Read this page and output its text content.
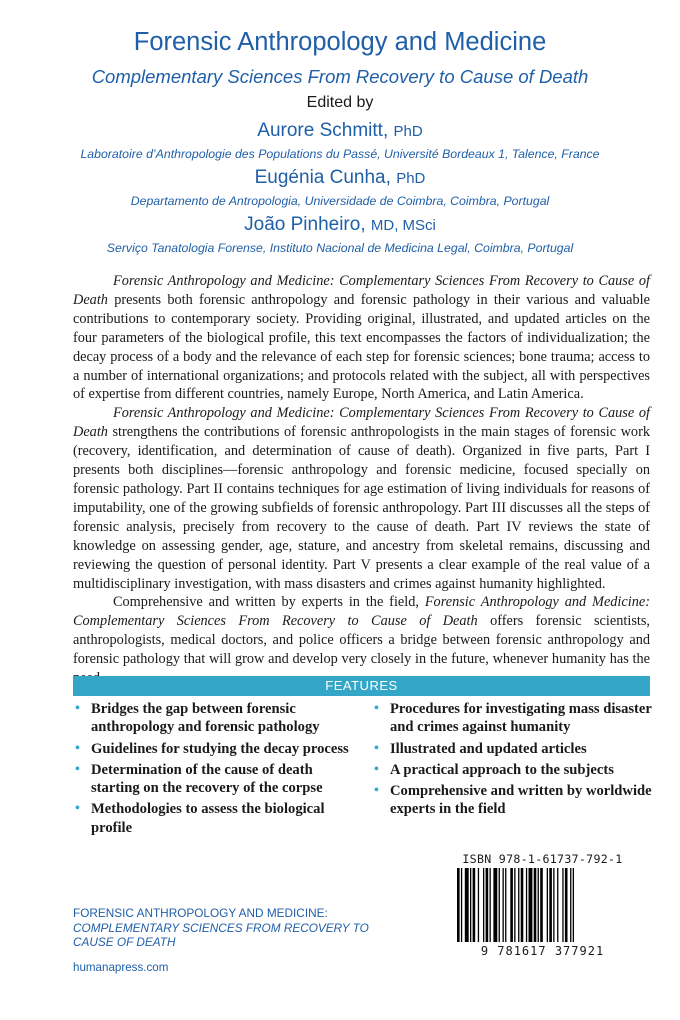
Forensic Anthropology and Medicine
Complementary Sciences From Recovery to Cause of Death
Edited by
Aurore Schmitt, PhD
Laboratoire d’Anthropologie des Populations du Passé, Université Bordeaux 1, Talence, France
Eugénia Cunha, PhD
Departamento de Antropologia, Universidade de Coimbra, Coimbra, Portugal
João Pinheiro, MD, MSci
Serviço Tanatologia Forense, Instituto Nacional de Medicina Legal, Coimbra, Portugal

Forensic Anthropology and Medicine: Complementary Sciences From Recovery to Cause of Death presents both forensic anthropology and forensic pathology in their various and valuable contributions to contemporary society. Providing original, illustrated, and updated articles on the four parameters of the biological profile, this text encompasses the factors of individualization; the decay process of a body and the relevance of each step for forensic sciences; bone trauma; access to a number of international organizations; and protocols related with the subject, all with perspectives of expertise from different countries, namely Europe, North America, and Latin America.

Forensic Anthropology and Medicine: Complementary Sciences From Recovery to Cause of Death strengthens the contributions of forensic anthropologists in the main stages of forensic work (recovery, identification, and determination of cause of death). Organized in five parts, Part I presents both disciplines—forensic anthropology and forensic medicine, focused specially on forensic pathology. Part II contains techniques for age estimation of living individuals for reasons of imputability, one of the growing subfields of forensic anthropology. Part III discusses all the steps of forensic analysis, precisely from recovery to the cause of death. Part IV reviews the state of knowledge on assessing gender, age, stature, and ancestry from skeletal remains, discussing and reviewing the question of personal identity. Part V presents a clear example of the real value of a multidisciplinary investigation, with mass disasters and crimes against humanity highlighted.

Comprehensive and written by experts in the field, Forensic Anthropology and Medicine: Complementary Sciences From Recovery to Cause of Death offers forensic scientists, anthropologists, medical doctors, and police officers a bridge between forensic anthropology and forensic pathology that will grow and develop very closely in the future, whenever humanity has the

FEATURES
• Bridges the gap between forensic anthropology and forensic pathology
• Guidelines for studying the decay process
• Determination of the cause of death starting on the recovery of the corpse
• Methodologies to assess the biological profile
• Procedures for investigating mass disaster and crimes against humanity
• Illustrated and updated articles
• A practical approach to the subjects
• Comprehensive and written by worldwide experts in the field
ISBN 978-1-61737-792-1
9 781617 377921
FORENSIC ANTHROPOLOGY AND MEDICINE:
COMPLEMENTARY SCIENCES FROM RECOVERY TO CAUSE OF DEATH
humanapress.com
